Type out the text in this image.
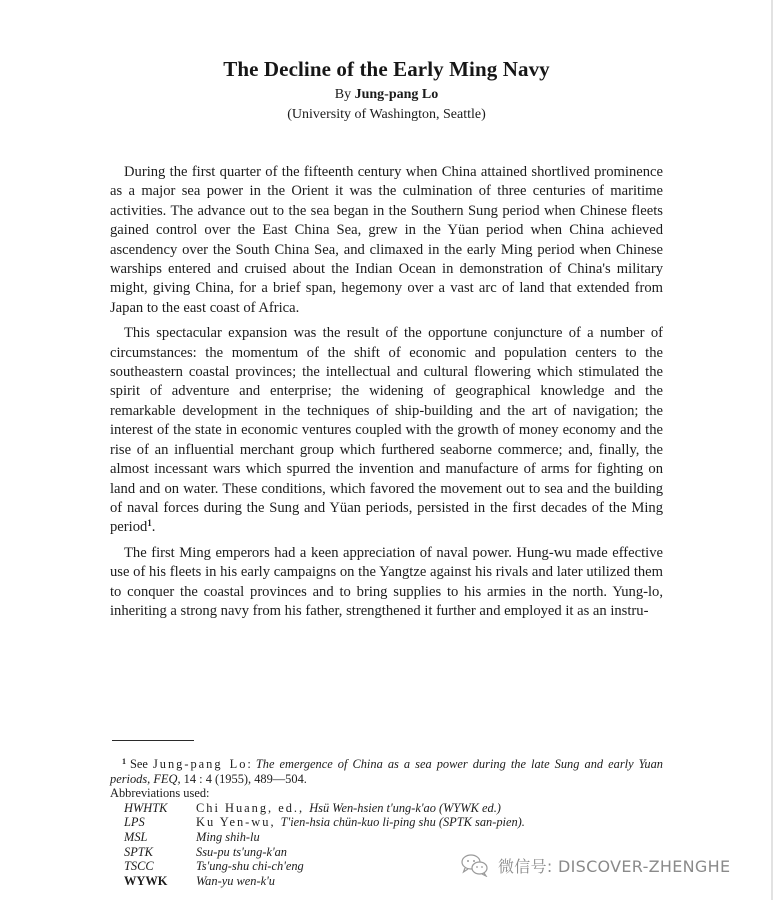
The Decline of the Early Ming Navy
By Jung-pang Lo
(University of Washington, Seattle)

During the first quarter of the fifteenth century when China attained shortlived prominence as a major sea power in the Orient it was the culmination of three centuries of maritime activities. The advance out to the sea began in the Southern Sung period when Chinese fleets gained control over the East China Sea, grew in the Yüan period when China achieved ascendency over the South China Sea, and climaxed in the early Ming period when Chinese warships entered and cruised about the Indian Ocean in demonstration of China's military might, giving China, for a brief span, hegemony over a vast arc of land that extended from Japan to the east coast of Africa.

This spectacular expansion was the result of the opportune conjuncture of a number of circumstances: the momentum of the shift of economic and population centers to the southeastern coastal provinces; the intellectual and cultural flowering which stimulated the spirit of adventure and enterprise; the widening of geographical knowledge and the remarkable development in the techniques of ship-building and the art of navigation; the interest of the state in economic ventures coupled with the growth of money economy and the rise of an influential merchant group which furthered seaborne commerce; and, finally, the almost incessant wars which spurred the invention and manufacture of arms for fighting on land and on water. These conditions, which favored the movement out to sea and the building of naval forces during the Sung and Yüan periods, persisted in the first decades of the Ming period$^1$.

The first Ming emperors had a keen appreciation of naval power. Hung-wu made effective use of his fleets in his early campaigns on the Yangtze against his rivals and later utilized them to conquer the coastal provinces and to bring supplies to his armies in the north. Yung-lo, inheriting a strong navy from his father, strengthened it further and employed it as an instru-

$^1$ See Jung-pang Lo: The emergence of China as a sea power during the late Sung and early Yuan periods, FEQ, 14 : 4 (1955), 489—504.
Abbreviations used:
HWHTK	Chi Huang, ed., Hsü Wen-hsien t'ung-k'ao (WYWK ed.)
LPS	Ku Yen-wu, T'ien-hsia chün-kuo li-ping shu (SPTK san-pien).
MSL	Ming shih-lu
SPTK	Ssu-pu ts'ung-k'an
TSCC	Ts'ung-shu chi-ch'eng
WYWK	Wan-yu wen-k'u
微信号: DISCOVER-ZHENGHE
